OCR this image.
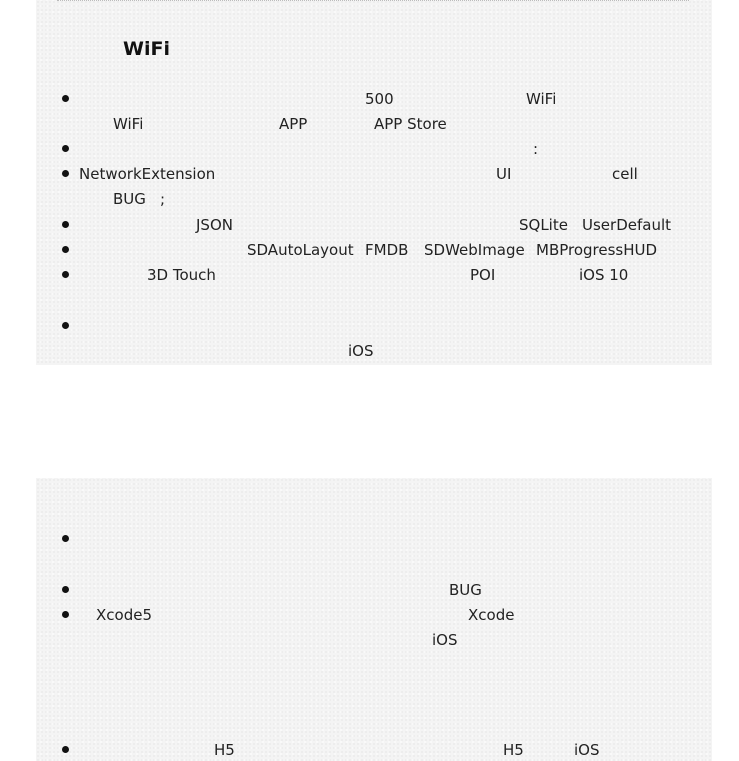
WiFi
500	WiFi
WiFi	APP	APP Store
:
NetworkExtension	UI	cell
BUG ;
JSON	SQLite UserDefault
SDAutoLayout FMDB SDWebImage MBProgressHUD
3D Touch	POI	iOS 10
iOS
BUG
Xcode5	Xcode
iOS
H5	H5	iOS
